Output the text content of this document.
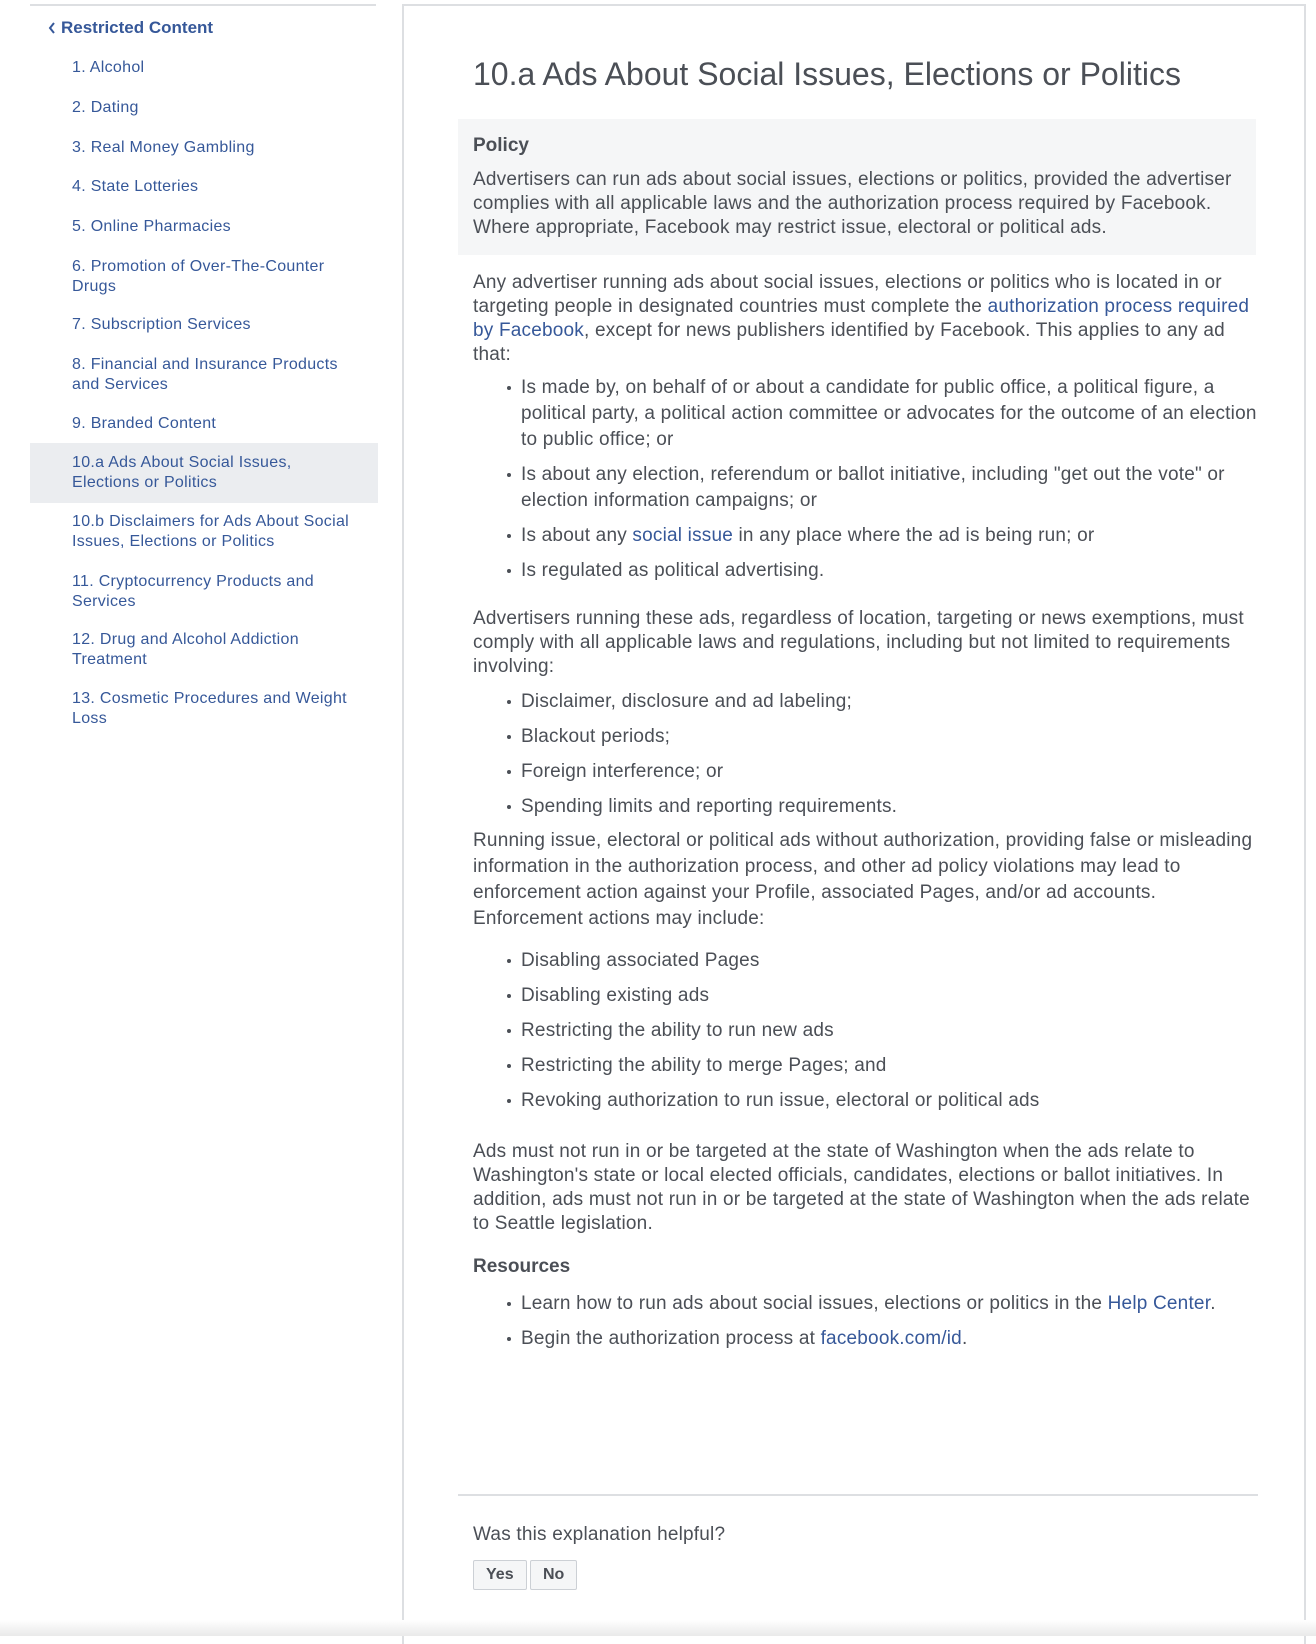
Restricted Content
1. Alcohol
2. Dating
3. Real Money Gambling
4. State Lotteries
5. Online Pharmacies
6. Promotion of Over-The-Counter Drugs
7. Subscription Services
8. Financial and Insurance Products and Services
9. Branded Content
10.a Ads About Social Issues, Elections or Politics
10.b Disclaimers for Ads About Social Issues, Elections or Politics
11. Cryptocurrency Products and Services
12. Drug and Alcohol Addiction Treatment
13. Cosmetic Procedures and Weight Loss
10.a Ads About Social Issues, Elections or Politics

Policy

Advertisers can run ads about social issues, elections or politics, provided the advertiser complies with all applicable laws and the authorization process required by Facebook. Where appropriate, Facebook may restrict issue, electoral or political ads.

Any advertiser running ads about social issues, elections or politics who is located in or targeting people in designated countries must complete the authorization process required by Facebook, except for news publishers identified by Facebook. This applies to any ad that:

Is made by, on behalf of or about a candidate for public office, a political figure, a political party, a political action committee or advocates for the outcome of an election to public office; or
Is about any election, referendum or ballot initiative, including "get out the vote" or election information campaigns; or
Is about any social issue in any place where the ad is being run; or
Is regulated as political advertising.

Advertisers running these ads, regardless of location, targeting or news exemptions, must comply with all applicable laws and regulations, including but not limited to requirements involving:

Disclaimer, disclosure and ad labeling;
Blackout periods;
Foreign interference; or
Spending limits and reporting requirements.

Running issue, electoral or political ads without authorization, providing false or misleading information in the authorization process, and other ad policy violations may lead to enforcement action against your Profile, associated Pages, and/or ad accounts. Enforcement actions may include:

Disabling associated Pages
Disabling existing ads
Restricting the ability to run new ads
Restricting the ability to merge Pages; and
Revoking authorization to run issue, electoral or political ads

Ads must not run in or be targeted at the state of Washington when the ads relate to Washington's state or local elected officials, candidates, elections or ballot initiatives. In addition, ads must not run in or be targeted at the state of Washington when the ads relate to Seattle legislation.

Resources

Learn how to run ads about social issues, elections or politics in the Help Center.
Begin the authorization process at facebook.com/id.

Was this explanation helpful?

Yes	No
